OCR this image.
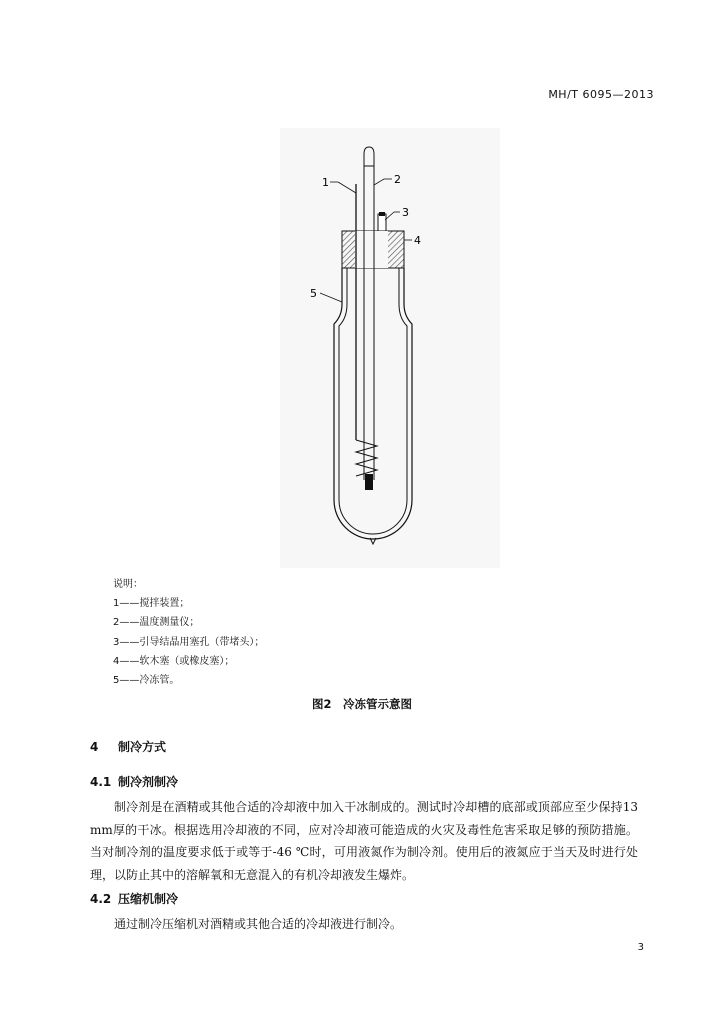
MH/T 6095—2013
1	2
3
4
5
说明：
1——搅拌装置；
2——温度测量仪；
3——引导结晶用塞孔（带堵头）；
4——软木塞（或橡皮塞）；
5——冷冻管。
图2　冷冻管示意图
4 制冷方式
4.1 制冷剂制冷

制冷剂是在酒精或其他合适的冷却液中加入干冰制成的。测试时冷却槽的底部或顶部应至少保持13 mm厚的干冰。根据选用冷却液的不同，应对冷却液可能造成的火灾及毒性危害采取足够的预防措施。当对制冷剂的温度要求低于或等于-46 ℃时，可用液氮作为制冷剂。使用后的液氮应于当天及时进行处理，以防止其中的溶解氧和无意混入的有机冷却液发生爆炸。

4.2 压缩机制冷

通过制冷压缩机对酒精或其他合适的冷却液进行制冷。

3
